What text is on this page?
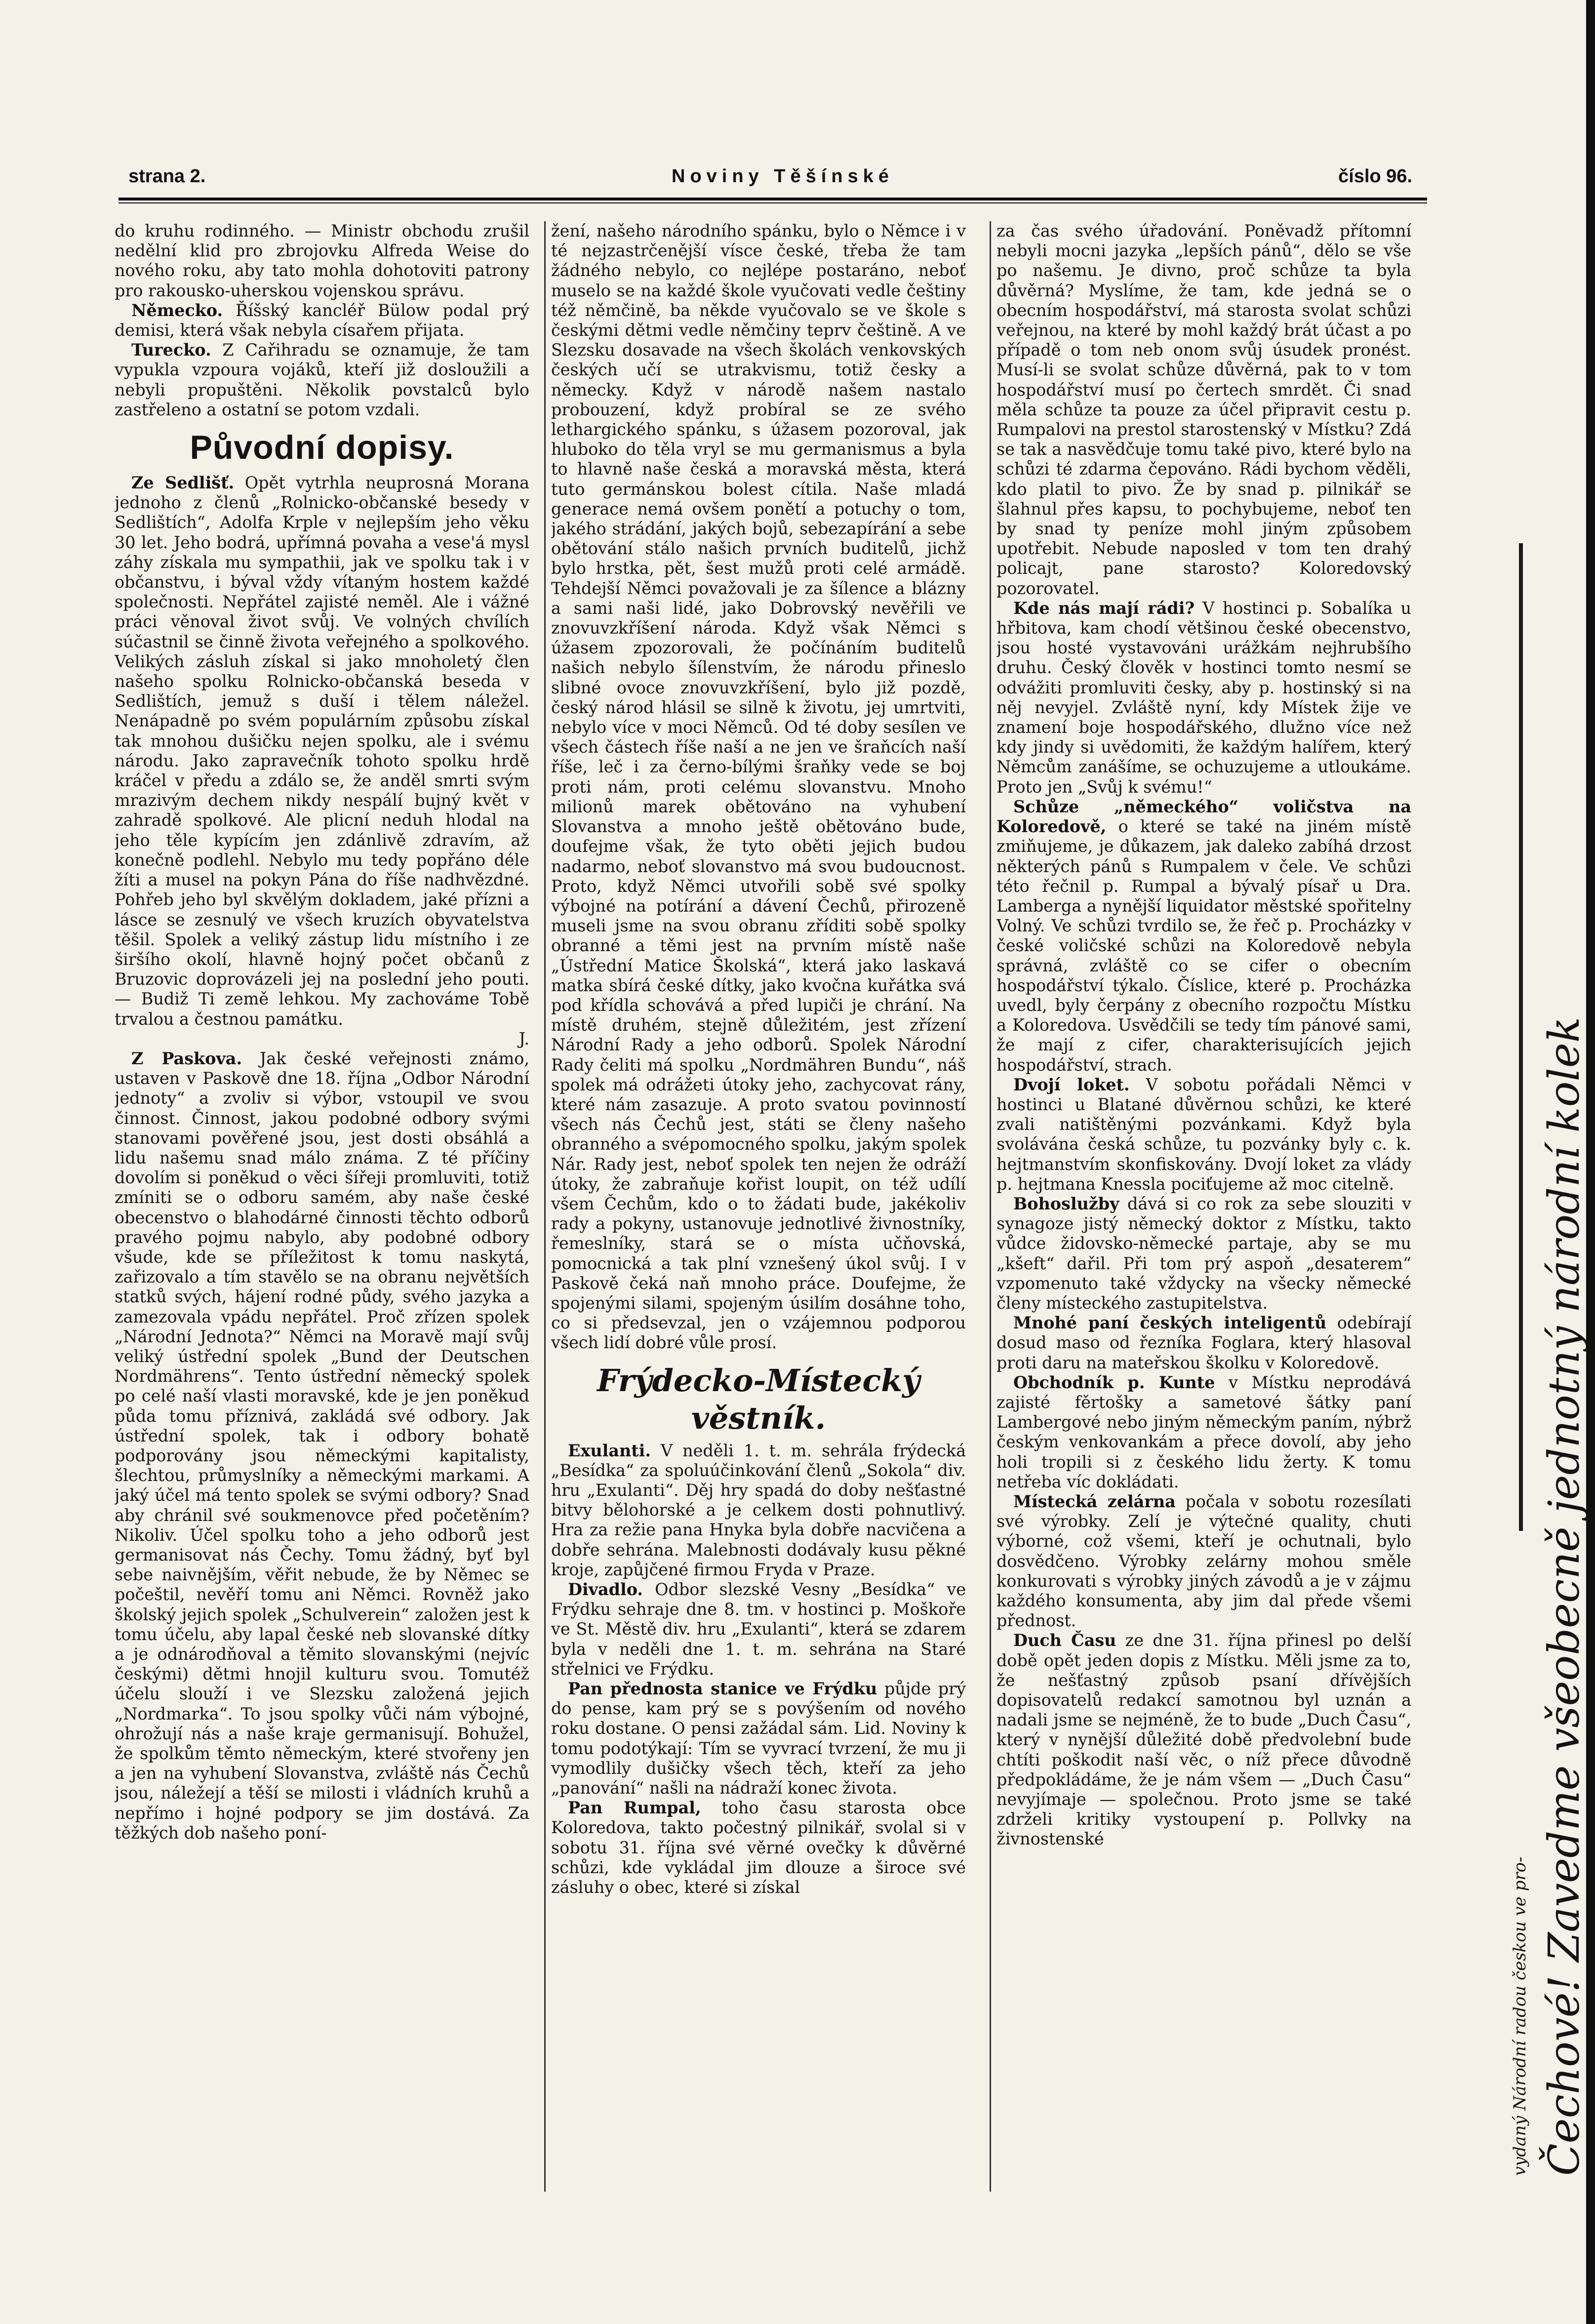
strana 2.	Noviny Těšínské	číslo 96.

do kruhu rodinného. — Ministr obchodu zrušil nedělní klid pro zbrojovku Alfreda Weise do nového roku, aby tato mohla dohotoviti patrony pro rakousko-uherskou vojenskou správu.

Německo. Říšský kancléř Bülow podal prý demisi, která však nebyla císařem přijata.

Turecko. Z Cařihradu se oznamuje, že tam vypukla vzpoura vojáků, kteří již dosloužili a nebyli propuštěni. Několik povstalců bylo zastřeleno a ostatní se potom vzdali.

Původní dopisy.

Ze Sedlišť. Opět vytrhla neuprosná Morana jednoho z členů „Rolnicko-občanské besedy v Sedlištích“, Adolfa Krple v nejlepším jeho věku 30 let. Jeho bodrá, upřímná povaha a vese'á mysl záhy získala mu sympathii, jak ve spolku tak i v občanstvu, i býval vždy vítaným hostem každé společnosti. Nepřátel zajisté neměl. Ale i vážné práci věnoval život svůj. Ve volných chvílích súčastnil se činně života veřejného a spolkového. Velikých zásluh získal si jako mnoholetý člen našeho spolku Rolnicko-občanská beseda v Sedlištích, jemuž s duší i tělem náležel. Nenápadně po svém populárním způsobu získal tak mnohou dušičku nejen spolku, ale i svému národu. Jako zapravečník tohoto spolku hrdě kráčel v předu a zdálo se, že anděl smrti svým mrazivým dechem nikdy nespálí bujný květ v zahradě spolkové. Ale plicní neduh hlodal na jeho těle kypícím jen zdánlivě zdravím, až konečně podlehl. Nebylo mu tedy popřáno déle žíti a musel na pokyn Pána do říše nadhvězdné. Pohřeb jeho byl skvělým dokladem, jaké přízni a lásce se zesnulý ve všech kruzích obyvatelstva těšil. Spolek a veliký zástup lidu místního i ze širšího okolí, hlavně hojný počet občanů z Bruzovic doprovázeli jej na poslední jeho pouti. — Budiž Ti země lehkou. My zachováme Tobě trvalou a čestnou památku.

J.

Z Paskova. Jak české veřejnosti známo, ustaven v Paskově dne 18. října „Odbor Národní jednoty“ a zvoliv si výbor, vstoupil ve svou činnost. Činnost, jakou podobné odbory svými stanovami pověřené jsou, jest dosti obsáhlá a lidu našemu snad málo známa. Z té příčiny dovolím si poněkud o věci šířeji promluviti, totiž zmíniti se o odboru samém, aby naše české obecenstvo o blahodárné činnosti těchto odborů pravého pojmu nabylo, aby podobné odbory všude, kde se příležitost k tomu naskytá, zařizovalo a tím stavělo se na obranu největších statků svých, hájení rodné půdy, svého jazyka a zamezovala vpádu nepřátel. Proč zřízen spolek „Národní Jednota?“ Němci na Moravě mají svůj veliký ústřední spolek „Bund der Deutschen Nordmährens“. Tento ústřední německý spolek po celé naší vlasti moravské, kde je jen poněkud půda tomu příznivá, zakládá své odbory. Jak ústřední spolek, tak i odbory bohatě podporovány jsou německými kapitalisty, šlechtou, průmyslníky a německými markami. A jaký účel má tento spolek se svými odbory? Snad aby chránil své soukmenovce před početěním? Nikoliv. Účel spolku toho a jeho odborů jest germanisovat nás Čechy. Tomu žádný, byť byl sebe naivnějším, věřit nebude, že by Němec se počeštil, nevěří tomu ani Němci. Rovněž jako školský jejich spolek „Schulverein“ založen jest k tomu účelu, aby lapal české neb slovanské dítky a je odnárodňoval a těmito slovanskými (nejvíc českými) dětmi hnojil kulturu svou. Tomutéž účelu slouží i ve Slezsku založená jejich „Nordmarka“. To jsou spolky vůči nám výbojné, ohrožují nás a naše kraje germanisují. Bohužel, že spolkům těmto německým, které stvořeny jen a jen na vyhubení Slovanstva, zvláště nás Čechů jsou, náležejí a těší se milosti i vládních kruhů a nepřímo i hojné podpory se jim dostává. Za těžkých dob našeho poní-

žení, našeho národního spánku, bylo o Němce i v té nejzastrčenější vísce české, třeba že tam žádného nebylo, co nejlépe postaráno, neboť muselo se na každé škole vyučovati vedle češtiny též němčině, ba někde vyučovalo se ve škole s českými dětmi vedle němčiny teprv češtině. A ve Slezsku dosavade na všech školách venkovských českých učí se utrakvismu, totiž česky a německy. Když v národě našem nastalo probouzení, když probíral se ze svého lethargického spánku, s úžasem pozoroval, jak hluboko do těla vryl se mu germanismus a byla to hlavně naše česká a moravská města, která tuto germánskou bolest cítila. Naše mladá generace nemá ovšem ponětí a potuchy o tom, jakého strádání, jakých bojů, sebezapírání a sebe obětování stálo našich prvních buditelů, jichž bylo hrstka, pět, šest mužů proti celé armádě. Tehdejší Němci považovali je za šílence a blázny a sami naši lidé, jako Dobrovský nevěřili ve znovuvzkříšení národa. Když však Němci s úžasem zpozorovali, že počínáním buditelů našich nebylo šílenstvím, že národu přineslo slibné ovoce znovuvzkříšení, bylo již pozdě, český národ hlásil se silně k životu, jej umrtviti, nebylo více v moci Němců. Od té doby sesílen ve všech částech říše naší a ne jen ve šraňcích naší říše, leč i za černo-bílými šraňky vede se boj proti nám, proti celému slovanstvu. Mnoho milionů marek obětováno na vyhubení Slovanstva a mnoho ještě obětováno bude, doufejme však, že tyto oběti jejich budou nadarmo, neboť slovanstvo má svou budoucnost. Proto, když Němci utvořili sobě své spolky výbojné na potírání a dávení Čechů, přirozeně museli jsme na svou obranu zříditi sobě spolky obranné a těmi jest na prvním místě naše „Ústřední Matice Školská“, která jako laskavá matka sbírá české dítky, jako kvočna kuřátka svá pod křídla schovává a před lupiči je chrání. Na místě druhém, stejně důležitém, jest zřízení Národní Rady a jeho odborů. Spolek Národní Rady čeliti má spolku „Nordmähren Bundu“, náš spolek má odrážeti útoky jeho, zachycovat rány, které nám zasazuje. A proto svatou povinností všech nás Čechů jest, státi se členy našeho obranného a svépomocného spolku, jakým spolek Nár. Rady jest, neboť spolek ten nejen že odráží útoky, že zabraňuje kořist loupit, on též udílí všem Čechům, kdo o to žádati bude, jakékoliv rady a pokyny, ustanovuje jednotlivé živnostníky, řemeslníky, stará se o místa učňovská, pomocnická a tak plní vznešený úkol svůj. I v Paskově čeká naň mnoho práce. Doufejme, že spojenými silami, spojeným úsilím dosáhne toho, co si předsevzal, jen o vzájemnou podporou všech lidí dobré vůle prosí.

Frýdecko-Místecký věstník.

Exulanti. V neděli 1. t. m. sehrála frýdecká „Besídka“ za spoluúčinkování členů „Sokola“ div. hru „Exulanti“. Děj hry spadá do doby nešťastné bitvy bělohorské a je celkem dosti pohnutlivý. Hra za režie pana Hnyka byla dobře nacvičena a dobře sehrána. Malebnosti dodávaly kusu pěkné kroje, zapůjčené firmou Fryda v Praze.

Divadlo. Odbor slezské Vesny „Besídka“ ve Frýdku sehraje dne 8. tm. v hostinci p. Moškoře ve St. Městě div. hru „Exulanti“, která se zdarem byla v neděli dne 1. t. m. sehrána na Staré střelnici ve Frýdku.

Pan přednosta stanice ve Frýdku půjde prý do pense, kam prý se s povýšením od nového roku dostane. O pensi zažádal sám. Lid. Noviny k tomu podotýkají: Tím se vyvrací tvrzení, že mu ji vymodlily dušičky všech těch, kteří za jeho „panování“ našli na nádraží konec života.

Pan Rumpal, toho času starosta obce Koloredova, takto počestný pilnikář, svolal si v sobotu 31. října své věrné ovečky k důvěrné schůzi, kde vykládal jim dlouze a široce své zásluhy o obec, které si získal

za čas svého úřadování. Poněvadž přítomní nebyli mocni jazyka „lepších pánů“, dělo se vše po našemu. Je divno, proč schůze ta byla důvěrná? Myslíme, že tam, kde jedná se o obecním hospodářství, má starosta svolat schůzi veřejnou, na které by mohl každý brát účast a po případě o tom neb onom svůj úsudek pronést. Musí-li se svolat schůze důvěrná, pak to v tom hospodářství musí po čertech smrdět. Či snad měla schůze ta pouze za účel připravit cestu p. Rumpalovi na prestol starostenský v Místku? Zdá se tak a nasvědčuje tomu také pivo, které bylo na schůzi té zdarma čepováno. Rádi bychom věděli, kdo platil to pivo. Že by snad p. pilnikář se šlahnul přes kapsu, to pochybujeme, neboť ten by snad ty peníze mohl jiným způsobem upotřebit. Nebude naposled v tom ten drahý policajt, pane starosto? Koloredovský pozorovatel.

Kde nás mají rádi? V hostinci p. Sobalíka u hřbitova, kam chodí většinou české obecenstvo, jsou hosté vystavováni urážkám nejhrubšího druhu. Český člověk v hostinci tomto nesmí se odvážiti promluviti česky, aby p. hostinský si na něj nevyjel. Zvláště nyní, kdy Místek žije ve znamení boje hospodářského, dlužno více než kdy jindy si uvědomiti, že každým halířem, který Němcům zanášíme, se ochuzujeme a utloukáme. Proto jen „Svůj k svému!“

Schůze „německého“ voličstva na Koloredově, o které se také na jiném místě zmiňujeme, je důkazem, jak daleko zabíhá drzost některých pánů s Rumpalem v čele. Ve schůzi této řečnil p. Rumpal a bývalý písař u Dra. Lamberga a nynější liquidator městské spořitelny Volný. Ve schůzi tvrdilo se, že řeč p. Procházky v české voličské schůzi na Koloredově nebyla správná, zvláště co se cifer o obecním hospodářství týkalo. Číslice, které p. Procházka uvedl, byly čerpány z obecního rozpočtu Místku a Koloredova. Usvědčili se tedy tím pánové sami, že mají z cifer, charakterisujících jejich hospodářství, strach.

Dvojí loket. V sobotu pořádali Němci v hostinci u Blatané důvěrnou schůzi, ke které zvali natištěnými pozvánkami. Když byla svolávána česká schůze, tu pozvánky byly c. k. hejtmanstvím skonfiskovány. Dvojí loket za vlády p. hejtmana Knessla pociťujeme až moc citelně.

Bohoslužby dává si co rok za sebe slouziti v synagoze jistý německý doktor z Místku, takto vůdce židovsko-německé partaje, aby se mu „kšeft“ dařil. Při tom prý aspoň „desaterem“ vzpomenuto také vždycky na všecky německé členy místeckého zastupitelstva.

Mnohé paní českých inteligentů odebírají dosud maso od řezníka Foglara, který hlasoval proti daru na mateřskou školku v Koloredově.

Obchodník p. Kunte v Místku neprodává zajisté fěrtošky a sametové šátky paní Lambergové nebo jiným německým paním, nýbrž českým venkovankám a přece dovolí, aby jeho holi tropili si z českého lidu žerty. K tomu netřeba víc dokládati.

Místecká zelárna počala v sobotu rozesílati své výrobky. Zelí je výtečné quality, chuti výborné, což všemi, kteří je ochutnali, bylo dosvědčeno. Výrobky zelárny mohou směle konkurovati s výrobky jiných závodů a je v zájmu každého konsumenta, aby jim dal přede všemi přednost.

Duch Času ze dne 31. října přinesl po delší době opět jeden dopis z Místku. Měli jsme za to, že nešťastný způsob psaní dřívějších dopisovatelů redakcí samotnou byl uznán a nadali jsme se nejméně, že to bude „Duch Času“, který v nynější důležité době předvolební bude chtíti poškodit naší věc, o níž přece důvodně předpokládáme, že je nám všem — „Duch Času“ nevyjímaje — společnou. Proto jsme se také zdrželi kritiky vystoupení p. Pollvky na živnostenské

vydaný Národní radou českou ve pro- Čechové! Zavedme všeobecně jednotný národní kolek
